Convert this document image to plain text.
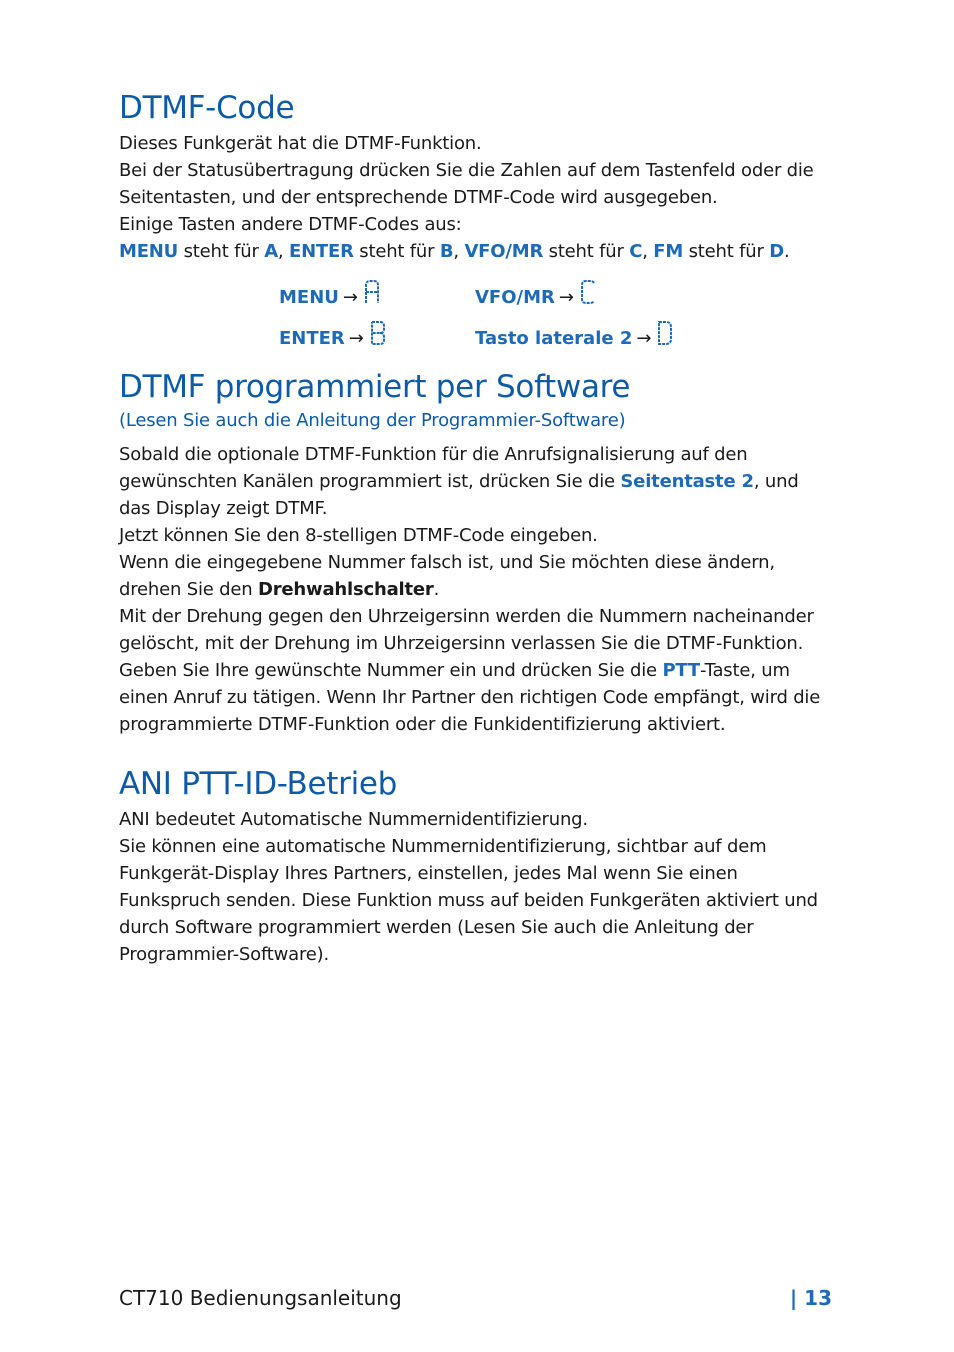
DTMF-Code

Dieses Funkgerät hat die DTMF-Funktion.

Bei der Statusübertragung drücken Sie die Zahlen auf dem Tastenfeld oder die Seitentasten, und der entsprechende DTMF-Code wird ausgegeben.

Einige Tasten andere DTMF-Codes aus:

MENU steht für A, ENTER steht für B, VFO/MR steht für C, FM steht für D.

MENU →	VFO/MR →
ENTER →	Tasto laterale 2 →
DTMF programmiert per Software

(Lesen Sie auch die Anleitung der Programmier-Software)

Sobald die optionale DTMF-Funktion für die Anrufsignalisierung auf den gewünschten Kanälen programmiert ist, drücken Sie die Seitentaste 2, und das Display zeigt DTMF.

Jetzt können Sie den 8-stelligen DTMF-Code eingeben.

Wenn die eingegebene Nummer falsch ist, und Sie möchten diese ändern, drehen Sie den Drehwahlschalter.

Mit der Drehung gegen den Uhrzeigersinn werden die Nummern nacheinander gelöscht, mit der Drehung im Uhrzeigersinn verlassen Sie die DTMF-Funktion. Geben Sie Ihre gewünschte Nummer ein und drücken Sie die PTT-Taste, um einen Anruf zu tätigen. Wenn Ihr Partner den richtigen Code empfängt, wird die programmierte DTMF-Funktion oder die Funkidentifizierung aktiviert.

ANI PTT-ID-Betrieb

ANI bedeutet Automatische Nummernidentifizierung.

Sie können eine automatische Nummernidentifizierung, sichtbar auf dem Funkgerät-Display Ihres Partners, einstellen, jedes Mal wenn Sie einen Funkspruch senden. Diese Funktion muss auf beiden Funkgeräten aktiviert und durch Software programmiert werden (Lesen Sie auch die Anleitung der Programmier-Software).

CT710 Bedienungsanleitung	| 13
